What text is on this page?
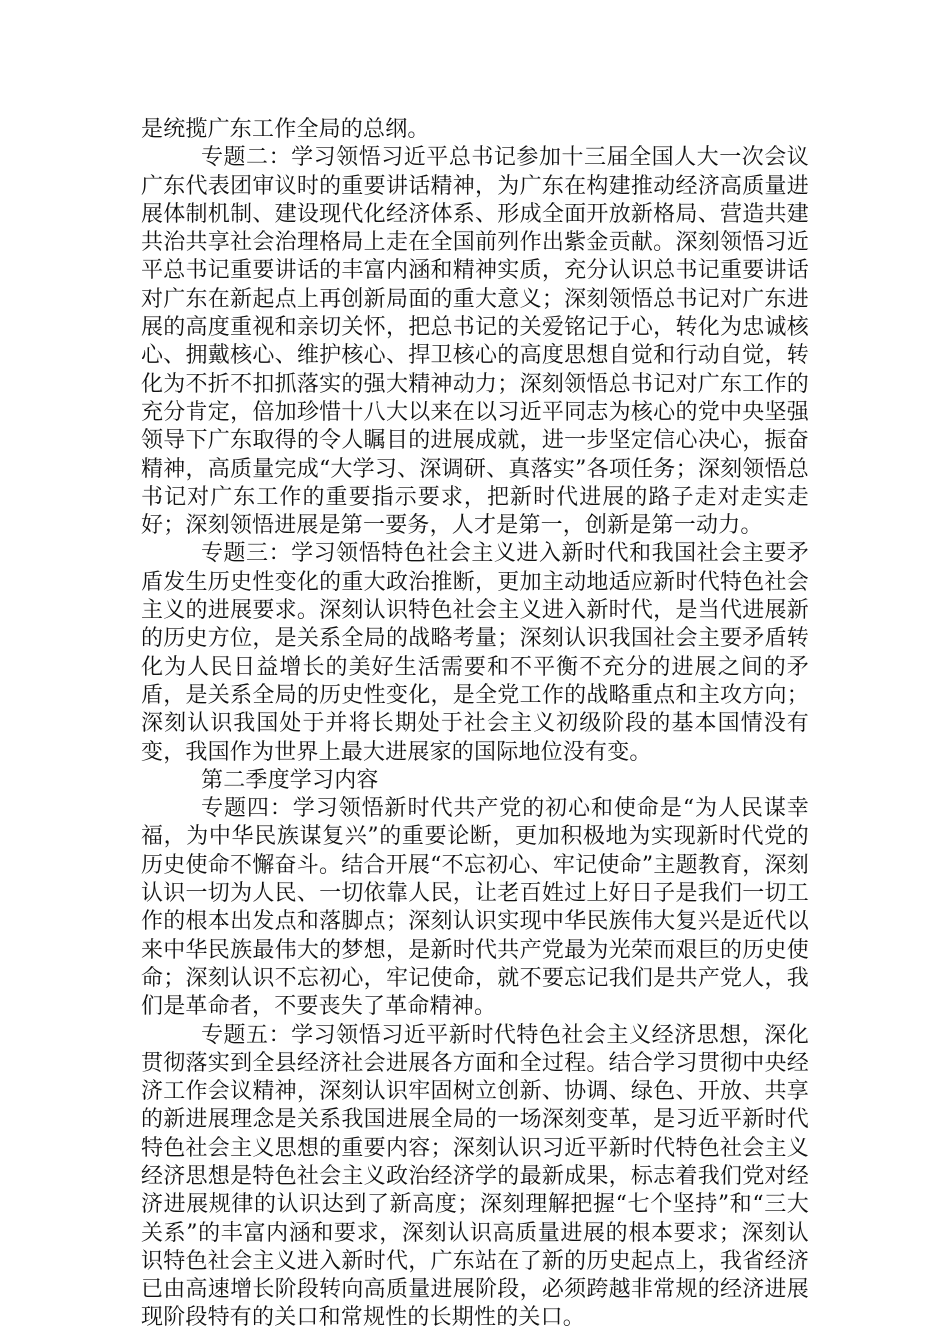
是统揽广东工作全局的总纲。

专题二：学习领悟习近平总书记参加十三届全国人大一次会议广东代表团审议时的重要讲话精神，为广东在构建推动经济高质量进展体制机制、建设现代化经济体系、形成全面开放新格局、营造共建共治共享社会治理格局上走在全国前列作出紫金贡献。深刻领悟习近平总书记重要讲话的丰富内涵和精神实质，充分认识总书记重要讲话对广东在新起点上再创新局面的重大意义；深刻领悟总书记对广东进展的高度重视和亲切关怀，把总书记的关爱铭记于心，转化为忠诚核心、拥戴核心、维护核心、捍卫核心的高度思想自觉和行动自觉，转化为不折不扣抓落实的强大精神动力；深刻领悟总书记对广东工作的充分肯定，倍加珍惜十八大以来在以习近平同志为核心的党中央坚强领导下广东取得的令人瞩目的进展成就，进一步坚定信心决心，振奋精神，高质量完成“大学习、深调研、真落实”各项任务；深刻领悟总书记对广东工作的重要指示要求，把新时代进展的路子走对走实走好；深刻领悟进展是第一要务，人才是第一，创新是第一动力。

专题三：学习领悟特色社会主义进入新时代和我国社会主要矛盾发生历史性变化的重大政治推断，更加主动地适应新时代特色社会主义的进展要求。深刻认识特色社会主义进入新时代，是当代进展新的历史方位，是关系全局的战略考量；深刻认识我国社会主要矛盾转化为人民日益增长的美好生活需要和不平衡不充分的进展之间的矛盾，是关系全局的历史性变化，是全党工作的战略重点和主攻方向；深刻认识我国处于并将长期处于社会主义初级阶段的基本国情没有变，我国作为世界上最大进展家的国际地位没有变。

第二季度学习内容

专题四：学习领悟新时代共产党的初心和使命是“为人民谋幸福，为中华民族谋复兴”的重要论断，更加积极地为实现新时代党的历史使命不懈奋斗。结合开展“不忘初心、牢记使命”主题教育，深刻认识一切为人民、一切依靠人民，让老百姓过上好日子是我们一切工作的根本出发点和落脚点；深刻认识实现中华民族伟大复兴是近代以来中华民族最伟大的梦想，是新时代共产党最为光荣而艰巨的历史使命；深刻认识不忘初心，牢记使命，就不要忘记我们是共产党人，我们是革命者，不要丧失了革命精神。

专题五：学习领悟习近平新时代特色社会主义经济思想，深化贯彻落实到全县经济社会进展各方面和全过程。结合学习贯彻中央经济工作会议精神，深刻认识牢固树立创新、协调、绿色、开放、共享的新进展理念是关系我国进展全局的一场深刻变革，是习近平新时代特色社会主义思想的重要内容；深刻认识习近平新时代特色社会主义经济思想是特色社会主义政治经济学的最新成果，标志着我们党对经济进展规律的认识达到了新高度；深刻理解把握“七个坚持”和“三大关系”的丰富内涵和要求，深刻认识高质量进展的根本要求；深刻认识特色社会主义进入新时代，广东站在了新的历史起点上，我省经济已由高速增长阶段转向高质量进展阶段，必须跨越非常规的经济进展现阶段特有的关口和常规性的长期性的关口。
